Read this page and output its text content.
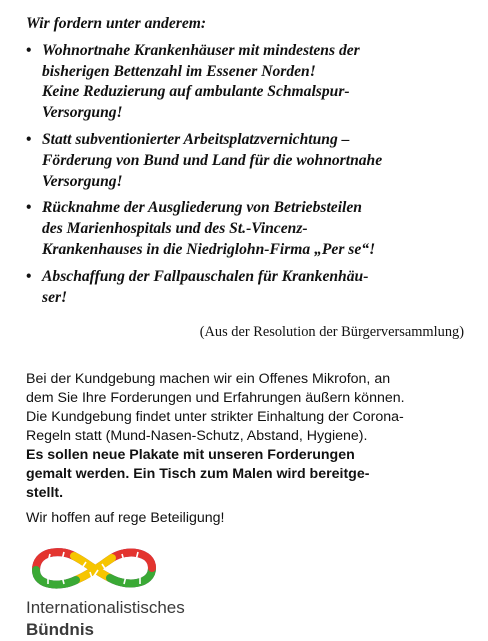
Wir fordern unter anderem:

• Wohnortnahe Krankenhäuser mit mindestens der
bisherigen Bettenzahl im Essener Norden!
Keine Reduzierung auf ambulante Schmalspur-
Versorgung!
• Statt subventionierter Arbeitsplatzvernichtung –
Förderung von Bund und Land für die wohnortnahe
Versorgung!
• Rücknahme der Ausgliederung von Betriebsteilen
des Marienhospitals und des St.-Vincenz-
Krankenhauses in die Niedriglohn-Firma „Per se“!
• Abschaffung der Fallpauschalen für Krankenhäu-
ser!
(Aus der Resolution der Bürgerversammlung)
Bei der Kundgebung machen wir ein Offenes Mikrofon, an
dem Sie Ihre Forderungen und Erfahrungen äußern können.
Die Kundgebung findet unter strikter Einhaltung der Corona-
Regeln statt (Mund-Nasen-Schutz, Abstand, Hygiene).
Es sollen neue Plakate mit unseren Forderungen
gemalt werden. Ein Tisch zum Malen wird bereitge-
stellt.
Wir hoffen auf rege Beteiligung!
Internationalistisches
Bündnis
